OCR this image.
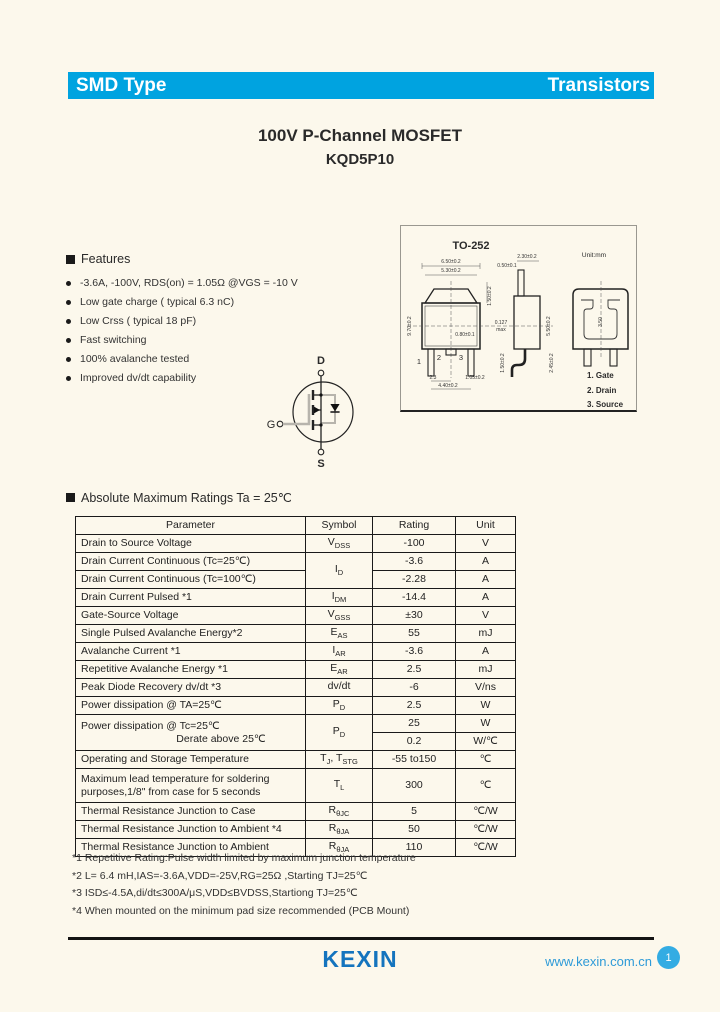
SMD Type	Transistors
100V P-Channel MOSFET
KQD5P10
Features
-3.6A, -100V, RDS(on) = 1.05Ω @VGS = -10 V
Low gate charge ( typical 6.3 nC)
Low Crss ( typical 18 pF)
Fast switching
100% avalanche tested
Improved dv/dt capability
D
G
S
TO-252
Unit:mm
6.50±0.2
5.30±0.2
1.50±0.2
9.70±0.2	0.80±0.1
1 2 3
2.3
4.40±0.2
1.05±0.2
2.30±0.2
0.50±0.1
0.127
max	5.50±0.2
2.45±0.2
1.50±0.2
3.50
1. Gate
2. Drain
3. Source
Absolute Maximum Ratings Ta = 25℃
Parameter	Symbol	Rating	Unit
Drain to Source Voltage	$V_{DSS}$	-100	V
Drain Current Continuous (Tc=25℃)	$I_D$	-3.6	A
Drain Current Continuous (Tc=100℃)		-2.28	A
Drain Current Pulsed *1	$I_{DM}$	-14.4	A
Gate-Source Voltage	$V_{GSS}$	±30	V
Single Pulsed Avalanche Energy*2	$E_{AS}$	55	mJ
Avalanche Current *1	$I_{AR}$	-3.6	A
Repetitive Avalanche Energy *1	$E_{AR}$	2.5	mJ
Peak Diode Recovery dv/dt *3	dv/dt	-6	V/ns
Power dissipation @ TA=25℃	$P_D$	2.5	W

Power dissipation @ Tc=25℃
Derate above 25℃	$P_D$	25	W
		0.2	W/℃
Operating and Storage Temperature	$T_J$, $T_{STG}$	-55 to150	℃
Maximum lead temperature for soldering purposes,1/8" from case for 5 seconds	$T_L$	300	℃
Thermal Resistance Junction to Case	$R_{\theta JC}$	5	℃/W
Thermal Resistance Junction to Ambient *4	$R_{\theta JA}$	50	℃/W
Thermal Resistance Junction to Ambient	$R_{\theta JA}$	110	℃/W
*1 Repetitive Rating:Pulse width limited by maximum junction temperature
*2 L= 6.4 mH,IAS=-3.6A,VDD=-25V,RG=25Ω ,Starting TJ=25℃
*3 ISD≤-4.5A,di/dt≤300A/μS,VDD≤BVDSS,Startiong TJ=25℃
*4 When mounted on the minimum pad size recommended (PCB Mount)
KEXIN	www.kexin.com.cn	1
